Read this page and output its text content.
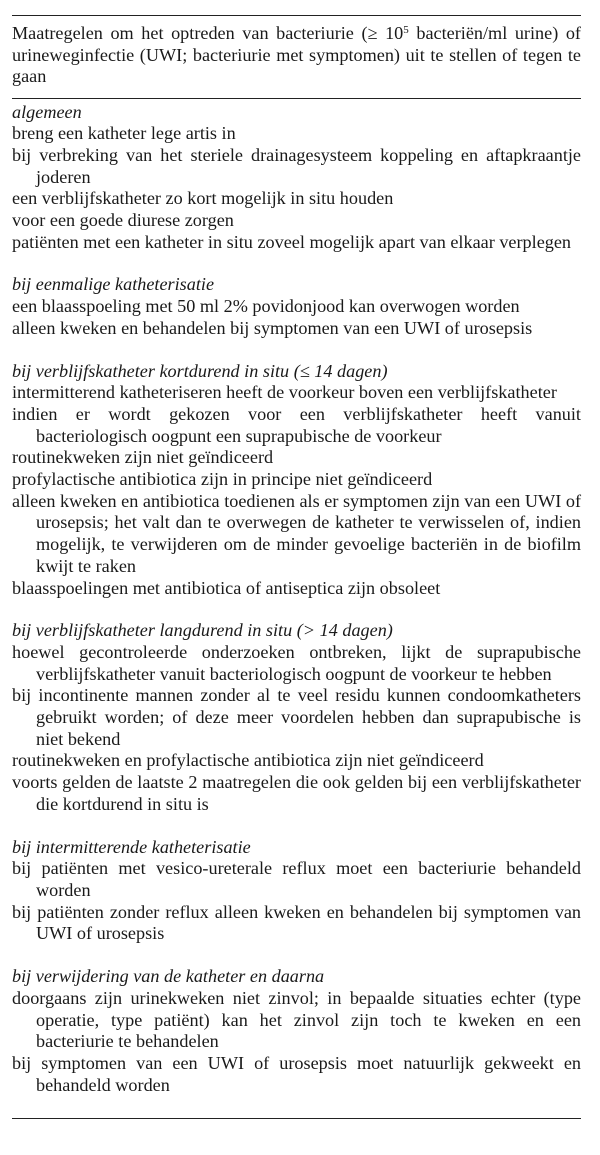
Maatregelen om het optreden van bacteriurie (≥ $10^5$ bacteriën/ml urine) of urineweginfectie (UWI; bacteriurie met symptomen) uit te stellen of tegen te gaan

algemeen

breng een katheter lege artis in

bij verbreking van het steriele drainagesysteem koppeling en aftapkraantje joderen

een verblijfskatheter zo kort mogelijk in situ houden

voor een goede diurese zorgen

patiënten met een katheter in situ zoveel mogelijk apart van elkaar verplegen

bij eenmalige katheterisatie

een blaasspoeling met 50 ml 2% povidonjood kan overwogen worden

alleen kweken en behandelen bij symptomen van een UWI of urosepsis

bij verblijfskatheter kortdurend in situ (≤ 14 dagen)

intermitterend katheteriseren heeft de voorkeur boven een verblijfskatheter

indien er wordt gekozen voor een verblijfskatheter heeft vanuit bacteriologisch oogpunt een suprapubische de voorkeur

routinekweken zijn niet geïndiceerd

profylactische antibiotica zijn in principe niet geïndiceerd

alleen kweken en antibiotica toedienen als er symptomen zijn van een UWI of urosepsis; het valt dan te overwegen de katheter te verwisselen of, indien mogelijk, te verwijderen om de minder gevoelige bacteriën in de biofilm kwijt te raken

blaasspoelingen met antibiotica of antiseptica zijn obsoleet

bij verblijfskatheter langdurend in situ (> 14 dagen)

hoewel gecontroleerde onderzoeken ontbreken, lijkt de suprapubische verblijfskatheter vanuit bacteriologisch oogpunt de voorkeur te hebben

bij incontinente mannen zonder al te veel residu kunnen condoomkatheters gebruikt worden; of deze meer voordelen hebben dan suprapubische is niet bekend

routinekweken en profylactische antibiotica zijn niet geïndiceerd

voorts gelden de laatste 2 maatregelen die ook gelden bij een verblijfskatheter die kortdurend in situ is

bij intermitterende katheterisatie

bij patiënten met vesico-ureterale reflux moet een bacteriurie behandeld worden

bij patiënten zonder reflux alleen kweken en behandelen bij symptomen van UWI of urosepsis

bij verwijdering van de katheter en daarna

doorgaans zijn urinekweken niet zinvol; in bepaalde situaties echter (type operatie, type patiënt) kan het zinvol zijn toch te kweken en een bacteriurie te behandelen

bij symptomen van een UWI of urosepsis moet natuurlijk gekweekt en behandeld worden
